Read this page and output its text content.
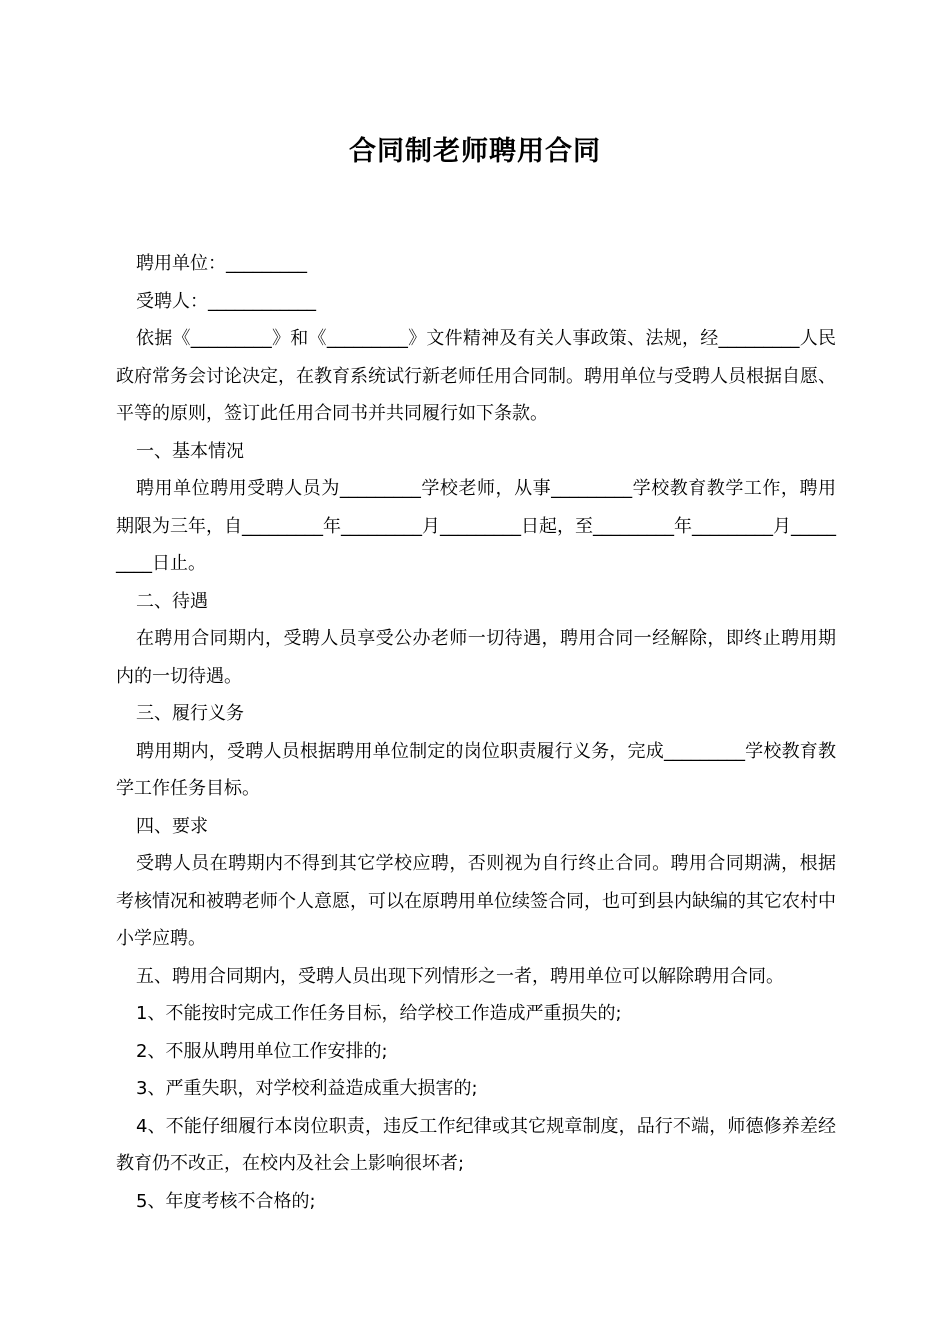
合同制老师聘用合同

聘用单位：_________

受聘人：____________

依据《_________》和《_________》文件精神及有关人事政策、法规，经_________人民政府常务会讨论决定，在教育系统试行新老师任用合同制。聘用单位与受聘人员根据自愿、平等的原则，签订此任用合同书并共同履行如下条款。

一、基本情况

聘用单位聘用受聘人员为_________学校老师，从事_________学校教育教学工作，聘用期限为三年，自_________年_________月_________日起，至_________年_________月_________日止。

二、待遇

在聘用合同期内，受聘人员享受公办老师一切待遇，聘用合同一经解除，即终止聘用期内的一切待遇。

三、履行义务

聘用期内，受聘人员根据聘用单位制定的岗位职责履行义务，完成_________学校教育教学工作任务目标。

四、要求

受聘人员在聘期内不得到其它学校应聘，否则视为自行终止合同。聘用合同期满，根据考核情况和被聘老师个人意愿，可以在原聘用单位续签合同，也可到县内缺编的其它农村中小学应聘。

五、聘用合同期内，受聘人员出现下列情形之一者，聘用单位可以解除聘用合同。

1、不能按时完成工作任务目标，给学校工作造成严重损失的;

2、不服从聘用单位工作安排的;

3、严重失职，对学校利益造成重大损害的;

4、不能仔细履行本岗位职责，违反工作纪律或其它规章制度，品行不端，师德修养差经教育仍不改正，在校内及社会上影响很坏者;

5、年度考核不合格的;
